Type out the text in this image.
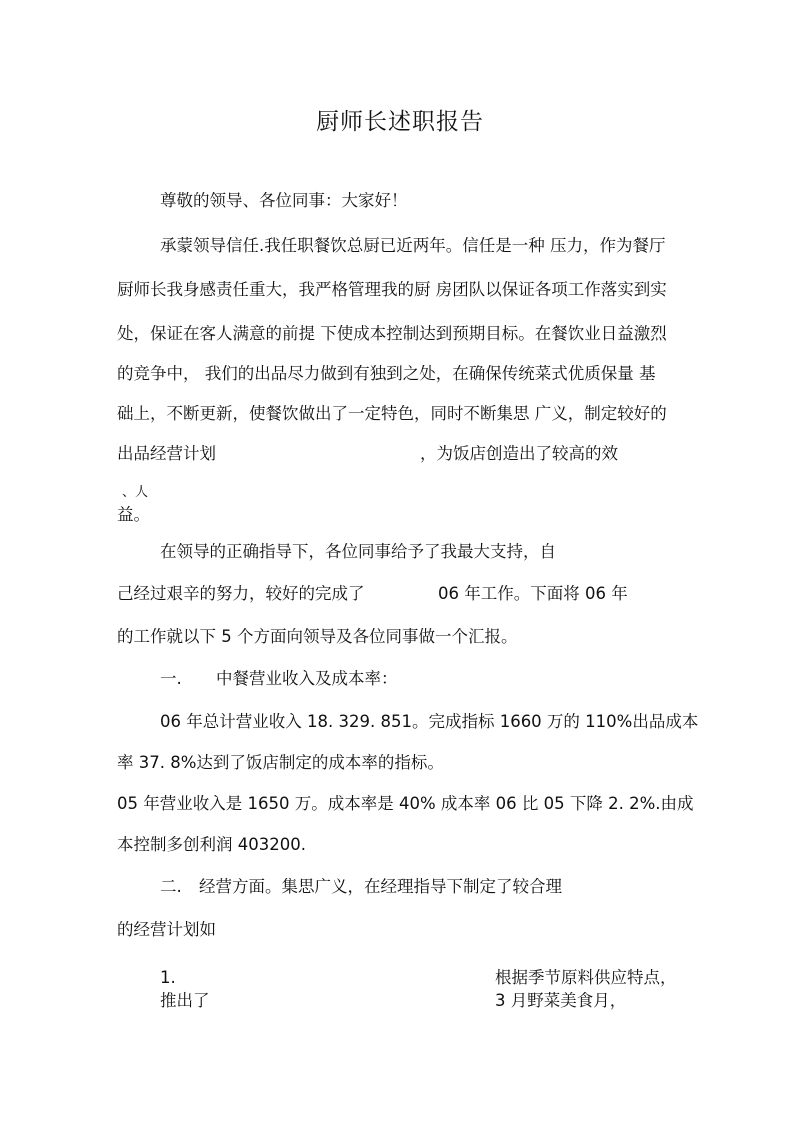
厨师长述职报告
尊敬的领导、各位同事：大家好！
承蒙领导信任.我任职餐饮总厨已近两年。信任是一种 压力，作为餐厅
厨师长我身感责任重大，我严格管理我的厨 房团队以保证各项工作落实到实
处，保证在客人满意的前提 下使成本控制达到预期目标。在餐饮业日益激烈
的竞争中， 我们的出品尽力做到有独到之处，在确保传统菜式优质保量 基
础上，不断更新，使餐饮做出了一定特色，同时不断集思 广义，制定较好的
出品经营计划	，为饭店创造出了较高的效
、人
益。
在领导的正确指导下，各位同事给予了我最大支持，自
己经过艰辛的努力，较好的完成了	06 年工作。下面将 06 年
的工作就以下 5 个方面向领导及各位同事做一个汇报。
一. 中餐营业收入及成本率：
06 年总计营业收入 18. 329. 851。完成指标 1660 万的 110%出品成本
率 37. 8%达到了饭店制定的成本率的指标。
05 年营业收入是 1650 万。成本率是 40% 成本率 06 比 05 下降 2. 2%.由成
本控制多创利润 403200.
二. 经营方面。集思广义，在经理指导下制定了较合理
的经营计划如
1.
推出了
根据季节原料供应特点，
3 月野菜美食月，
